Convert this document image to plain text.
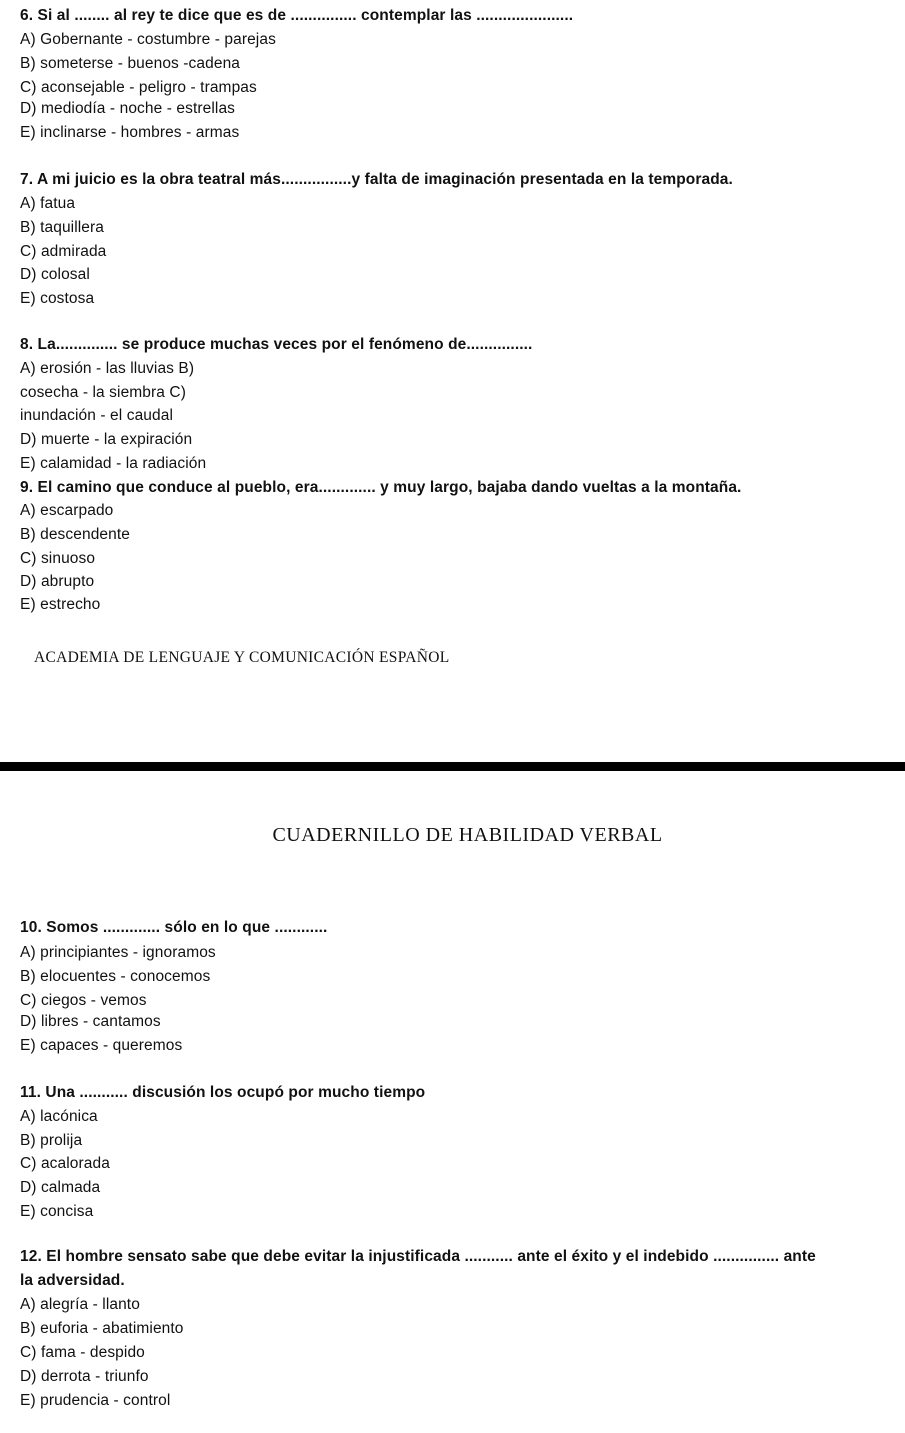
6. Si al ........ al rey te dice que es de ............... contemplar las ......................
A) Gobernante - costumbre - parejas
B) someterse - buenos -cadena
C) aconsejable - peligro - trampas
D) mediodía - noche - estrellas
E) inclinarse - hombres - armas
7. A mi juicio es la obra teatral más................y falta de imaginación presentada en la temporada.
A) fatua
B) taquillera
C) admirada
D) colosal
E) costosa
8. La.............. se produce muchas veces por el fenómeno de...............
A) erosión - las lluvias B)
cosecha - la siembra C)
inundación - el caudal
D) muerte - la expiración
E) calamidad - la radiación
9. El camino que conduce al pueblo, era............. y muy largo, bajaba dando vueltas a la montaña.
A) escarpado
B) descendente
C) sinuoso
D) abrupto
E) estrecho
ACADEMIA DE LENGUAJE Y COMUNICACIÓN ESPAÑOL
CUADERNILLO DE HABILIDAD VERBAL
10. Somos ............. sólo en lo que ............
A) principiantes - ignoramos
B) elocuentes - conocemos
C) ciegos - vemos
D) libres - cantamos
E) capaces - queremos
11. Una ........... discusión los ocupó por mucho tiempo
A) lacónica
B) prolija
C) acalorada
D) calmada
E) concisa
12. El hombre sensato sabe que debe evitar la injustificada ........... ante el éxito y el indebido ............... ante
la adversidad.
A) alegría - llanto
B) euforia - abatimiento
C) fama - despido
D) derrota - triunfo
E) prudencia - control
